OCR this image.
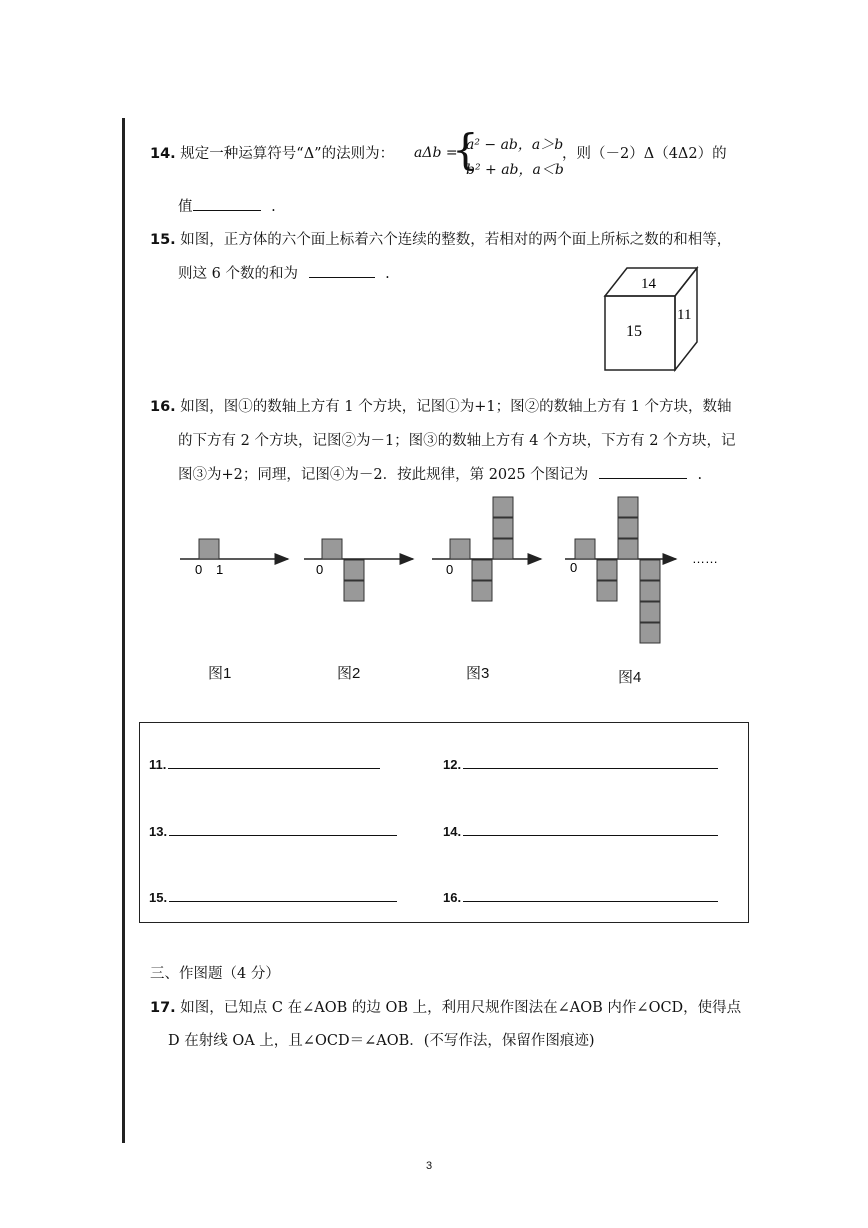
14. 规定一种运算符号“Δ”的法则为： aΔb =
{
a² − ab，a＞b
b² + ab，a＜b
，则（－2）Δ（4Δ2）的
值	.
15. 如图，正方体的六个面上标着六个连续的整数，若相对的两个面上所标之数的和相等，
则这 6 个数的和为	.
14
15
11
16. 如图，图①的数轴上方有 1 个方块，记图①为+1；图②的数轴上方有 1 个方块，数轴
的下方有 2 个方块，记图②为－1；图③的数轴上方有 4 个方块，下方有 2 个方块，记
图③为+2；同理，记图④为－2．按此规律，第 2025 个图记为	.
0 1	0	0	0
……
图1	图2	图3	图4
11.	12.
13.	14.
15.	16.
三、作图题（4 分）
17. 如图，已知点 C 在∠AOB 的边 OB 上，利用尺规作图法在∠AOB 内作∠OCD，使得点
D 在射线 OA 上，且∠OCD＝∠AOB．(不写作法，保留作图痕迹)
3
